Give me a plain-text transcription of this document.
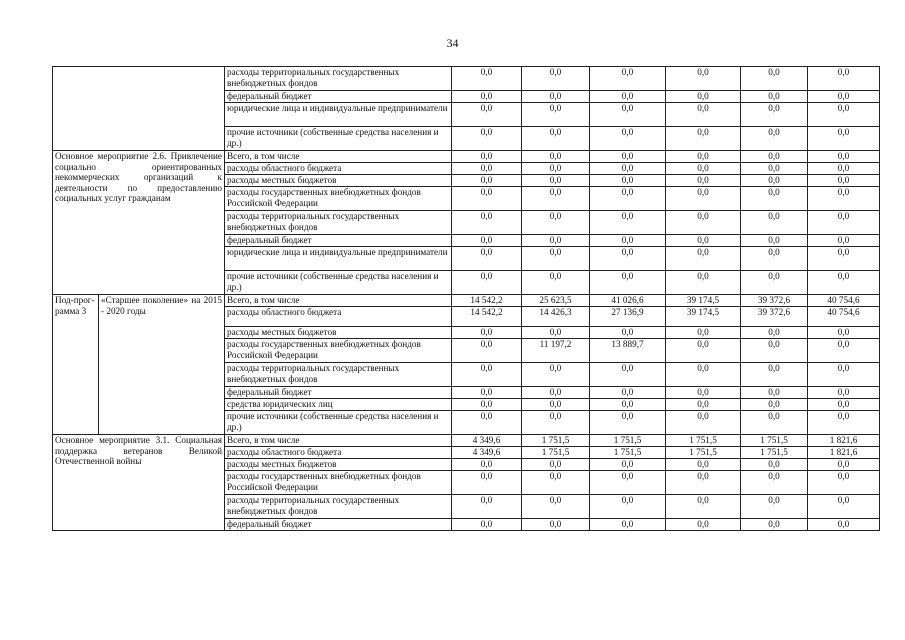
34
		расходы территориальных государственных внебюджетных фондов	0,0	0,0	0,0	0,0	0,0	0,0
		федеральный бюджет	0,0	0,0	0,0	0,0	0,0	0,0
		юридические лица и индивидуальные предприниматели	0,0	0,0	0,0	0,0	0,0	0,0
		прочие источники (собственные средства населения и др.)	0,0	0,0	0,0	0,0	0,0	0,0
Основное мероприятие 2.6. Привлечение социально ориентированных некоммерческих организаций к деятельности по предоставлению социальных услуг гражданам		Всего, в том числе	0,0	0,0	0,0	0,0	0,0	0,0
		расходы областного бюджета	0,0	0,0	0,0	0,0	0,0	0,0
		расходы местных бюджетов	0,0	0,0	0,0	0,0	0,0	0,0
		расходы государственных внебюджетных фондов Российской Федерации	0,0	0,0	0,0	0,0	0,0	0,0
		расходы территориальных государственных внебюджетных фондов	0,0	0,0	0,0	0,0	0,0	0,0
		федеральный бюджет	0,0	0,0	0,0	0,0	0,0	0,0
		юридические лица и индивидуальные предприниматели	0,0	0,0	0,0	0,0	0,0	0,0
		прочие источники (собственные средства населения и др.)	0,0	0,0	0,0	0,0	0,0	0,0
Под-прог-рамма 3	«Старшее поколение» на 2015 - 2020 годы	Всего, в том числе	14 542,2	25 623,5	41 026,6	39 174,5	39 372,6	40 754,6
		расходы областного бюджета	14 542,2	14 426,3	27 136,9	39 174,5	39 372,6	40 754,6
		расходы местных бюджетов	0,0	0,0	0,0	0,0	0,0	0,0
		расходы государственных внебюджетных фондов Российской Федерации	0,0	11 197,2	13 889,7	0,0	0,0	0,0
		расходы территориальных государственных внебюджетных фондов	0,0	0,0	0,0	0,0	0,0	0,0
		федеральный бюджет	0,0	0,0	0,0	0,0	0,0	0,0
		средства юридических лиц	0,0	0,0	0,0	0,0	0,0	0,0
		прочие источники (собственные средства населения и др.)	0,0	0,0	0,0	0,0	0,0	0,0
Основное мероприятие 3.1. Социальная поддержка ветеранов Великой Отечественной войны		Всего, в том числе	4 349,6	1 751,5	1 751,5	1 751,5	1 751,5	1 821,6
		расходы областного бюджета	4 349,6	1 751,5	1 751,5	1 751,5	1 751,5	1 821,6
		расходы местных бюджетов	0,0	0,0	0,0	0,0	0,0	0,0
		расходы государственных внебюджетных фондов Российской Федерации	0,0	0,0	0,0	0,0	0,0	0,0
		расходы территориальных государственных внебюджетных фондов	0,0	0,0	0,0	0,0	0,0	0,0
		федеральный бюджет	0,0	0,0	0,0	0,0	0,0	0,0
